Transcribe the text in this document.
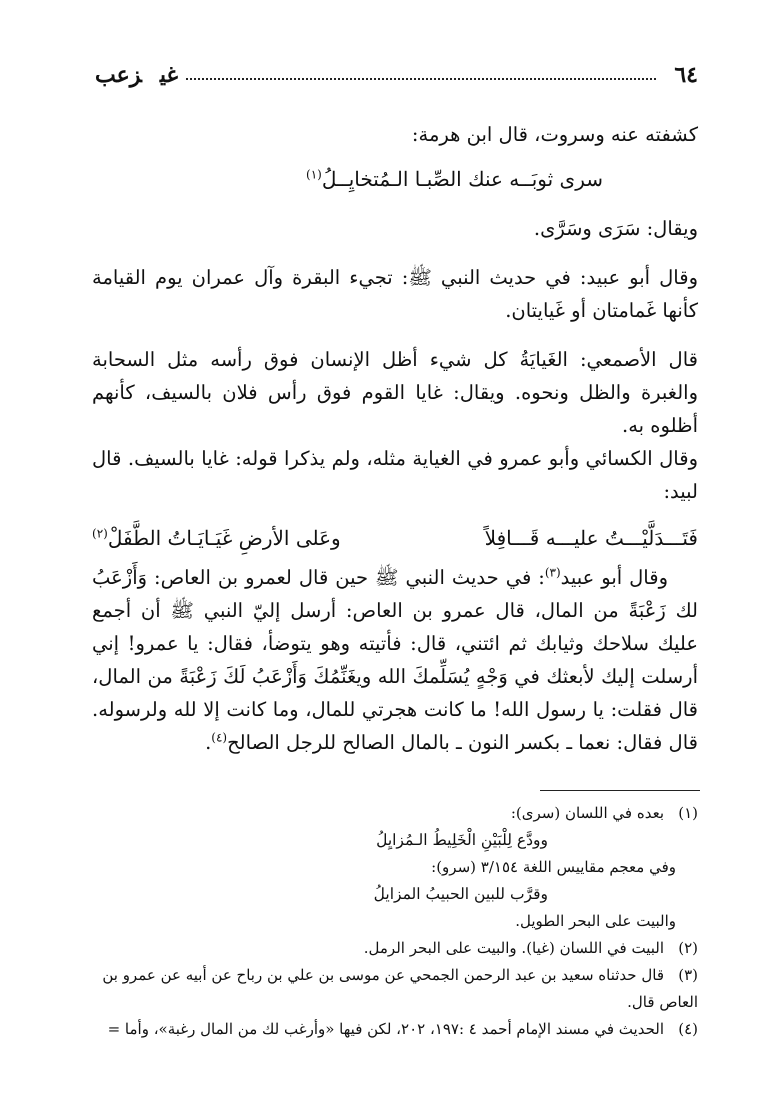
٦٤
غيزعب

كشفته عنه وسروت، قال ابن هرمة:

سرى ثوبَــه عنك الصِّبـا الـمُتخايِــلُ$^{(١)}$

ويقال: سَرَى وسَرَّى.

وقال أبو عبيد: في حديث النبي ﷺ: تجيء البقرة وآل عمران يوم القيامة كأنها غَمامتان أو غَيايتان.

قال الأصمعي: الغَيايَةُ كل شيء أظل الإنسان فوق رأسه مثل السحابة والغبرة والظل ونحوه. ويقال: غايا القوم فوق رأس فلان بالسيف، كأنهم أظلوه به.

وقال الكسائي وأبو عمرو في الغياية مثله، ولم يذكرا قوله: غايا بالسيف. قال لبيد:

فَتَـــدَلَّيْـــتُ عليـــه قَـــافِلاً
وعَلى الأرضِ غَيَـايَـاتُ الطَّفَلْ$^{(٢)}$

وقال أبو عبيد$^{(٣)}$: في حديث النبي ﷺ حين قال لعمرو بن العاص: وَأَزْعَبُ لك زَعْبَةً من المال، قال عمرو بن العاص: أرسل إليّ النبي ﷺ أن أجمع عليك سلاحك وثيابك ثم ائتني، قال: فأتيته وهو يتوضأ، فقال: يا عمرو! إني أرسلت إليك لأبعثك في وَجْهٍ يُسَلِّمكَ الله ويغَنِّمُكَ وَأَزْعَبُ لَكَ زَعْبَةً من المال، قال فقلت: يا رسول الله! ما كانت هجرتي للمال، وما كانت إلا لله ولرسوله. قال فقال: نعما ـ بكسر النون ـ بالمال الصالح للرجل الصالح$^{(٤)}$.

(١)بعده في اللسان (سرى):

وودَّع لِلْبَيْنِ الْخَلِيطُ الـمُزايِلُ

وفي معجم مقاييس اللغة ٣/١٥٤ (سرو):

وقرَّب للبين الحبيبُ المزايلُ

والبيت على البحر الطويل.

(٢)البيت في اللسان (غيا). والبيت على البحر الرمل.

(٣)قال حدثناه سعيد بن عبد الرحمن الجمحي عن موسى بن علي بن رباح عن أبيه عن عمرو بن العاص قال.

(٤)الحديث في مسند الإمام أحمد ٤ :١٩٧، ٢٠٢، لكن فيها «وأرغب لك من المال رغبة»، وأما =
